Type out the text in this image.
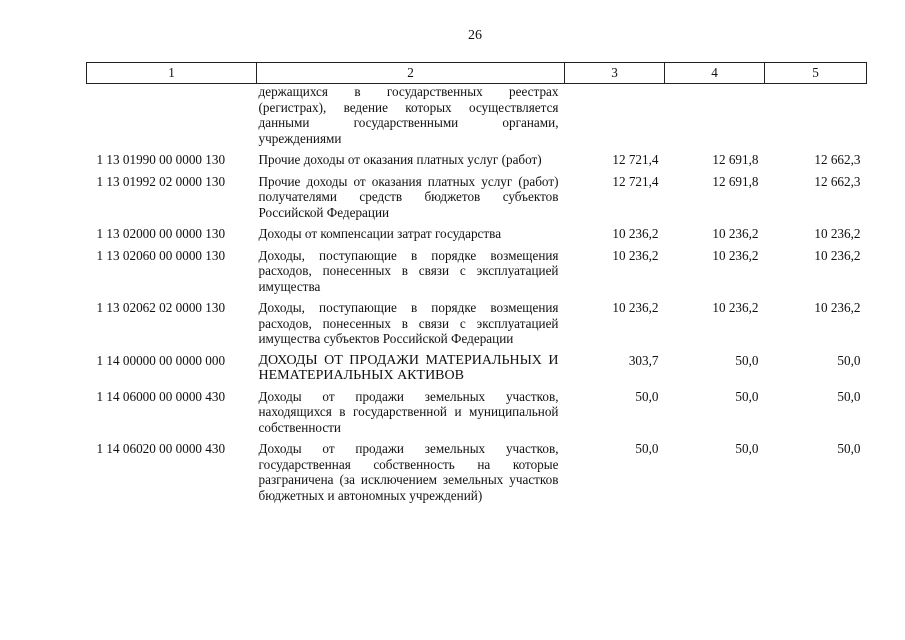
26
1	2	3	4	5
	держащихся в государственных реестрах (регистрах), ведение которых осуществляется данными государственными органами, учреждениями			
1 13 01990 00 0000 130	Прочие доходы от оказания платных услуг (работ)	12 721,4	12 691,8	12 662,3
1 13 01992 02 0000 130	Прочие доходы от оказания платных услуг (работ) получателями средств бюджетов субъектов Российской Федерации	12 721,4	12 691,8	12 662,3
1 13 02000 00 0000 130	Доходы от компенсации затрат государства	10 236,2	10 236,2	10 236,2
1 13 02060 00 0000 130	Доходы, поступающие в порядке возмещения расходов, понесенных в связи с эксплуатацией имущества	10 236,2	10 236,2	10 236,2
1 13 02062 02 0000 130	Доходы, поступающие в порядке возмещения расходов, понесенных в связи с эксплуатацией имущества субъектов Российской Федерации	10 236,2	10 236,2	10 236,2
1 14 00000 00 0000 000	ДОХОДЫ ОТ ПРОДАЖИ МАТЕРИАЛЬНЫХ И НЕМАТЕРИАЛЬНЫХ АКТИВОВ	303,7	50,0	50,0
1 14 06000 00 0000 430	Доходы от продажи земельных участков, находящихся в государственной и муниципальной собственности	50,0	50,0	50,0
1 14 06020 00 0000 430	Доходы от продажи земельных участков, государственная собственность на которые разграничена (за исключением земельных участков бюджетных и автономных учреждений)	50,0	50,0	50,0
